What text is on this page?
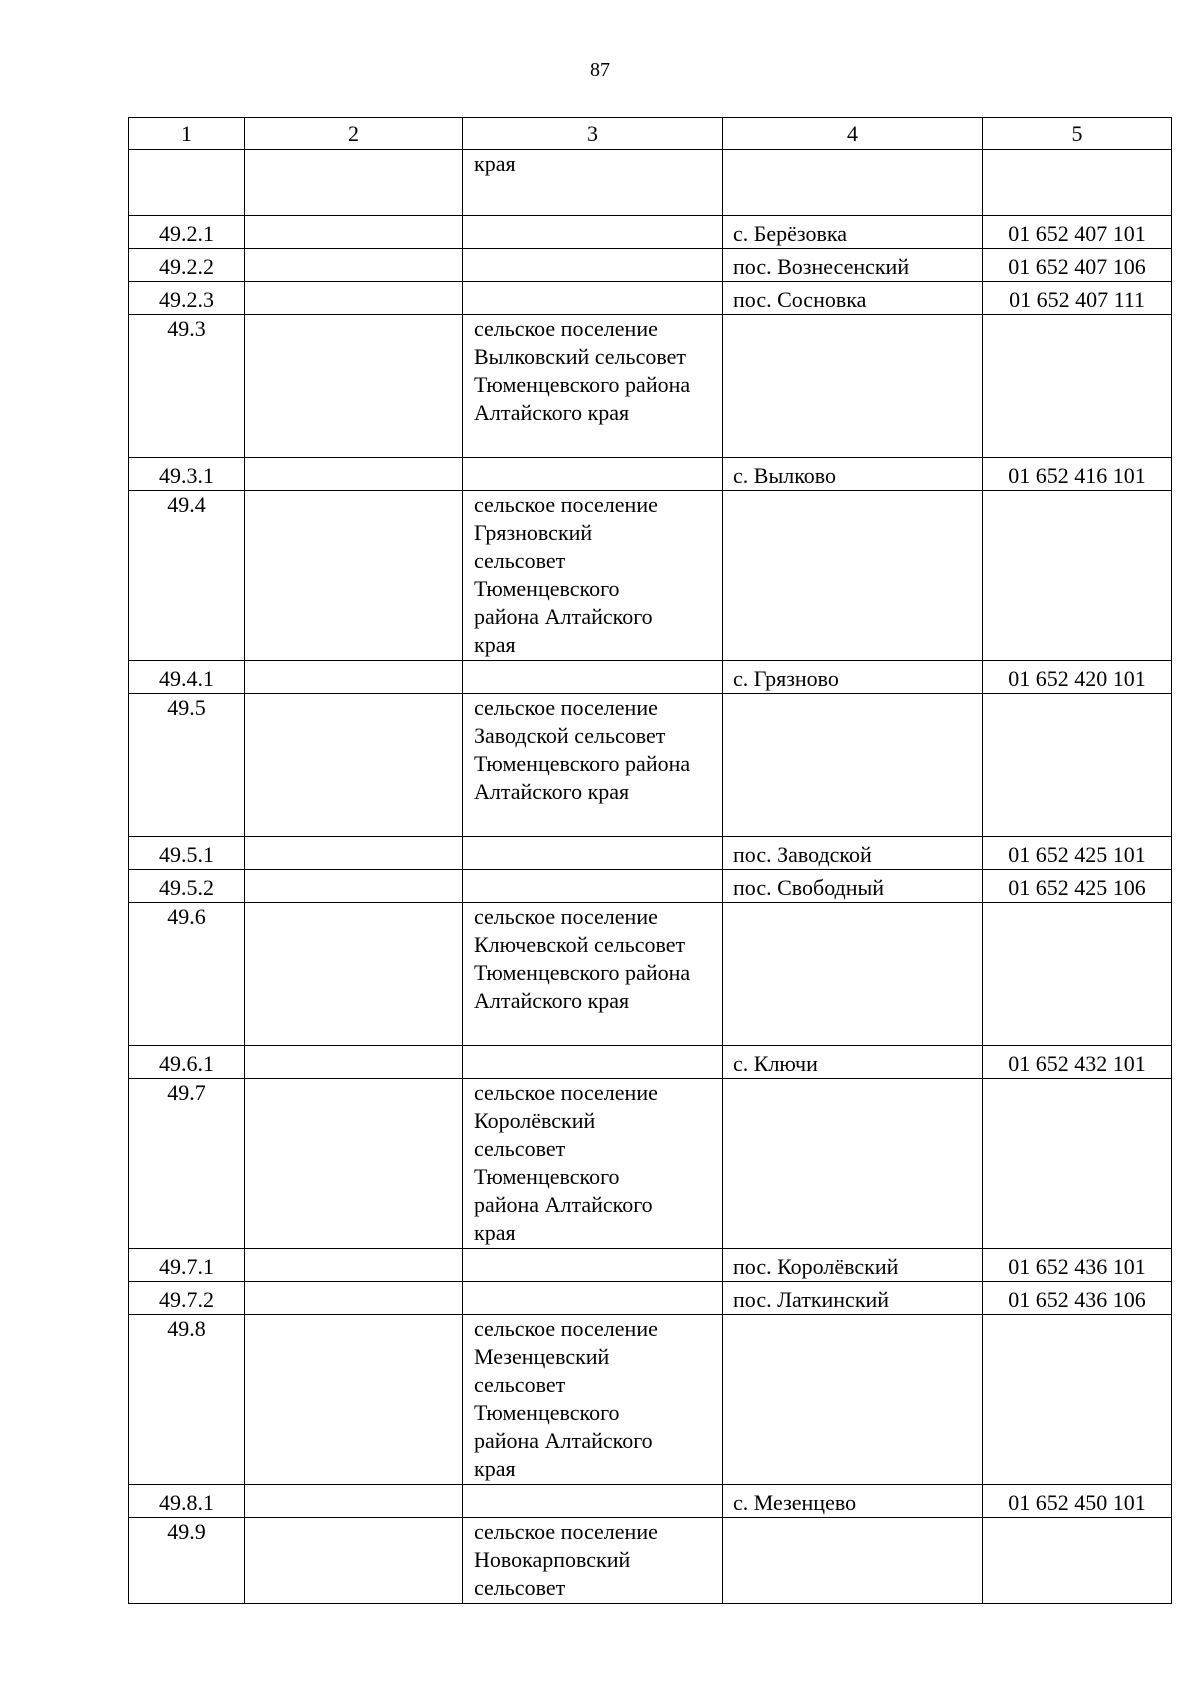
87
1	2	3	4	5
		края		
49.2.1			с. Берёзовка	01 652 407 101
49.2.2			пос. Вознесенский	01 652 407 106
49.2.3			пос. Сосновка	01 652 407 111
49.3		сельское поселение Вылковский сельсовет Тюменцевского района Алтайского края		
49.3.1			с. Вылково	01 652 416 101
49.4		сельское поселение Грязновский сельсовет Тюменцевского района Алтайского края		
49.4.1			с. Грязново	01 652 420 101
49.5		сельское поселение Заводской сельсовет Тюменцевского района Алтайского края		
49.5.1			пос. Заводской	01 652 425 101
49.5.2			пос. Свободный	01 652 425 106
49.6		сельское поселение Ключевской сельсовет Тюменцевского района Алтайского края		
49.6.1			с. Ключи	01 652 432 101
49.7		сельское поселение Королёвский сельсовет Тюменцевского района Алтайского края		
49.7.1			пос. Королёвский	01 652 436 101
49.7.2			пос. Латкинский	01 652 436 106
49.8		сельское поселение Мезенцевский сельсовет Тюменцевского района Алтайского края		
49.8.1			с. Мезенцево	01 652 450 101
49.9		сельское поселение Новокарповский сельсовет		
